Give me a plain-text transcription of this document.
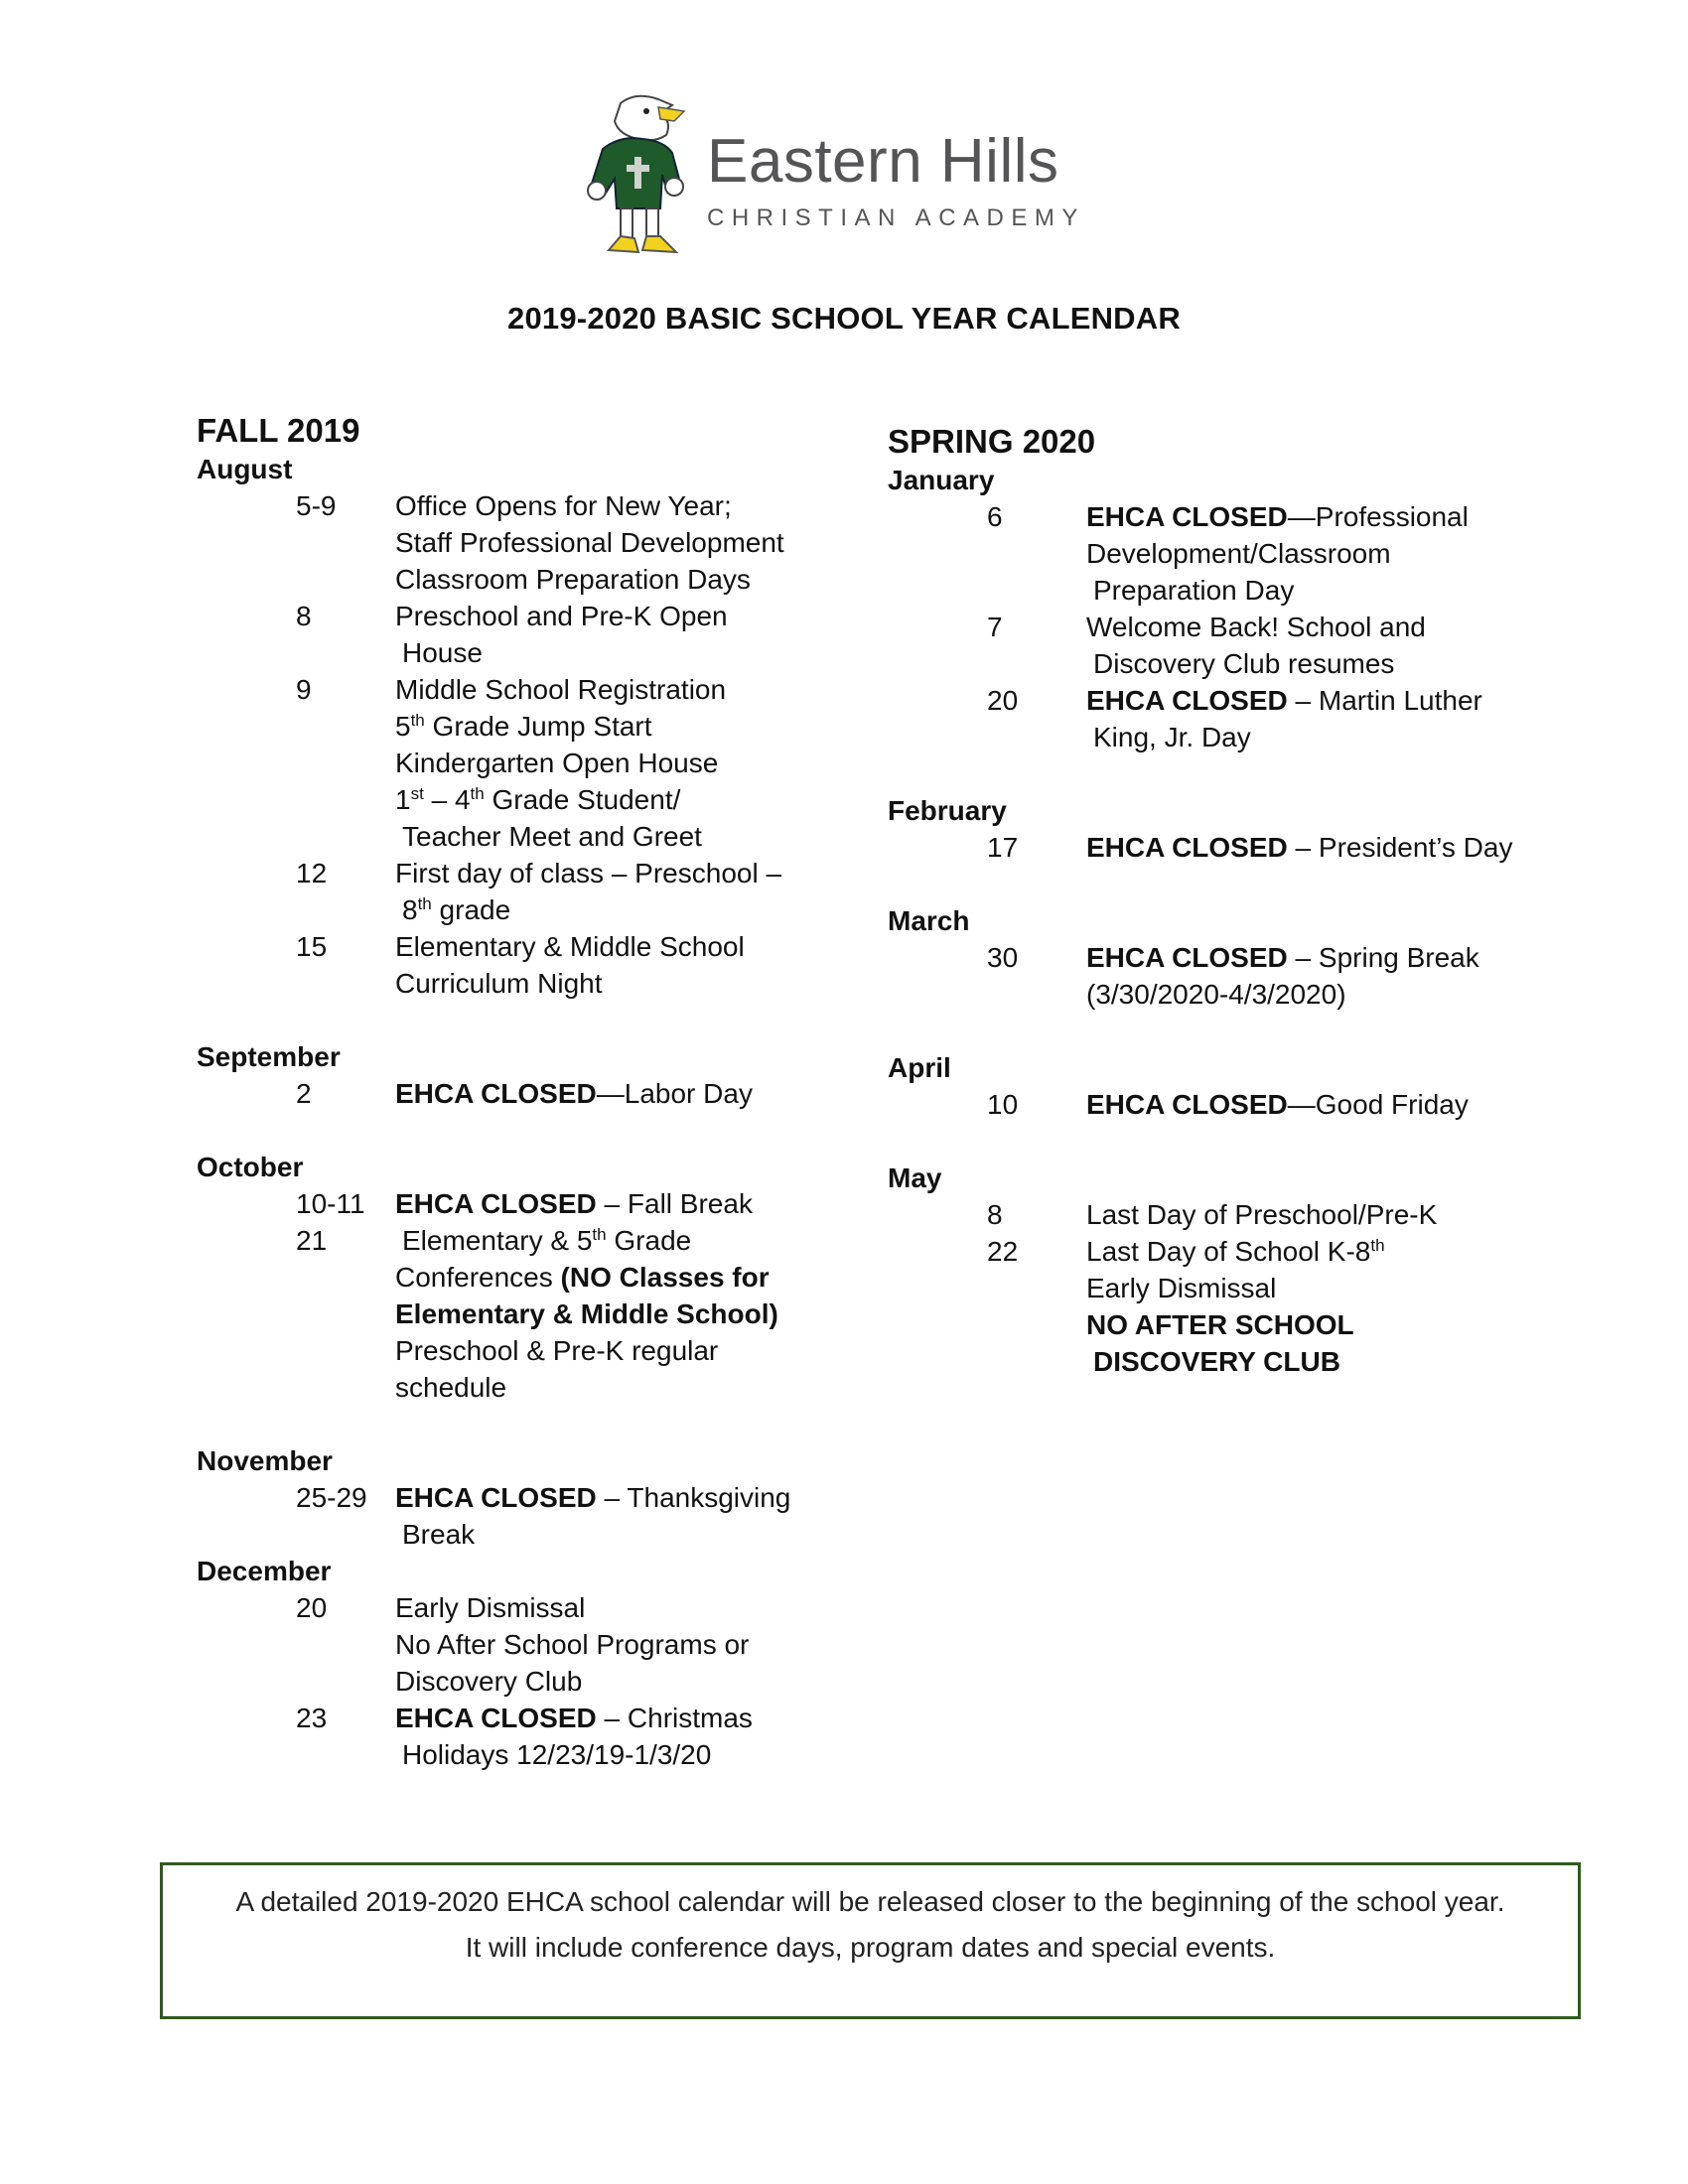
Eastern Hills
CHRISTIAN ACADEMY
2019-2020 BASIC SCHOOL YEAR CALENDAR
FALL 2019
August
5-9	Office Opens for New Year;
Staff Professional Development
Classroom Preparation Days
8	Preschool and Pre-K Open
House
9	Middle School Registration
5th Grade Jump Start
Kindergarten Open House
1st – 4th Grade Student/
Teacher Meet and Greet
12	First day of class – Preschool –
8th grade
15	Elementary & Middle School
Curriculum Night
September
2	EHCA CLOSED—Labor Day
October
10-11	EHCA CLOSED – Fall Break
21	Elementary & 5th Grade
Conferences (NO Classes for
Elementary & Middle School)
Preschool & Pre-K regular
schedule
November
25-29	EHCA CLOSED – Thanksgiving
Break
December
20	Early Dismissal
No After School Programs or
Discovery Club
23	EHCA CLOSED – Christmas
Holidays 12/23/19-1/3/20
SPRING 2020
January
6	EHCA CLOSED—Professional
Development/Classroom
Preparation Day
7	Welcome Back! School and
Discovery Club resumes
20	EHCA CLOSED – Martin Luther
King, Jr. Day
February
17	EHCA CLOSED – President’s Day
March
30	EHCA CLOSED – Spring Break
(3/30/2020-4/3/2020)
April
10	EHCA CLOSED—Good Friday
May
8	Last Day of Preschool/Pre-K
22	Last Day of School K-8th
Early Dismissal
NO AFTER SCHOOL
DISCOVERY CLUB
A detailed 2019-2020 EHCA school calendar will be released closer to the beginning of the school year.
It will include conference days, program dates and special events.
